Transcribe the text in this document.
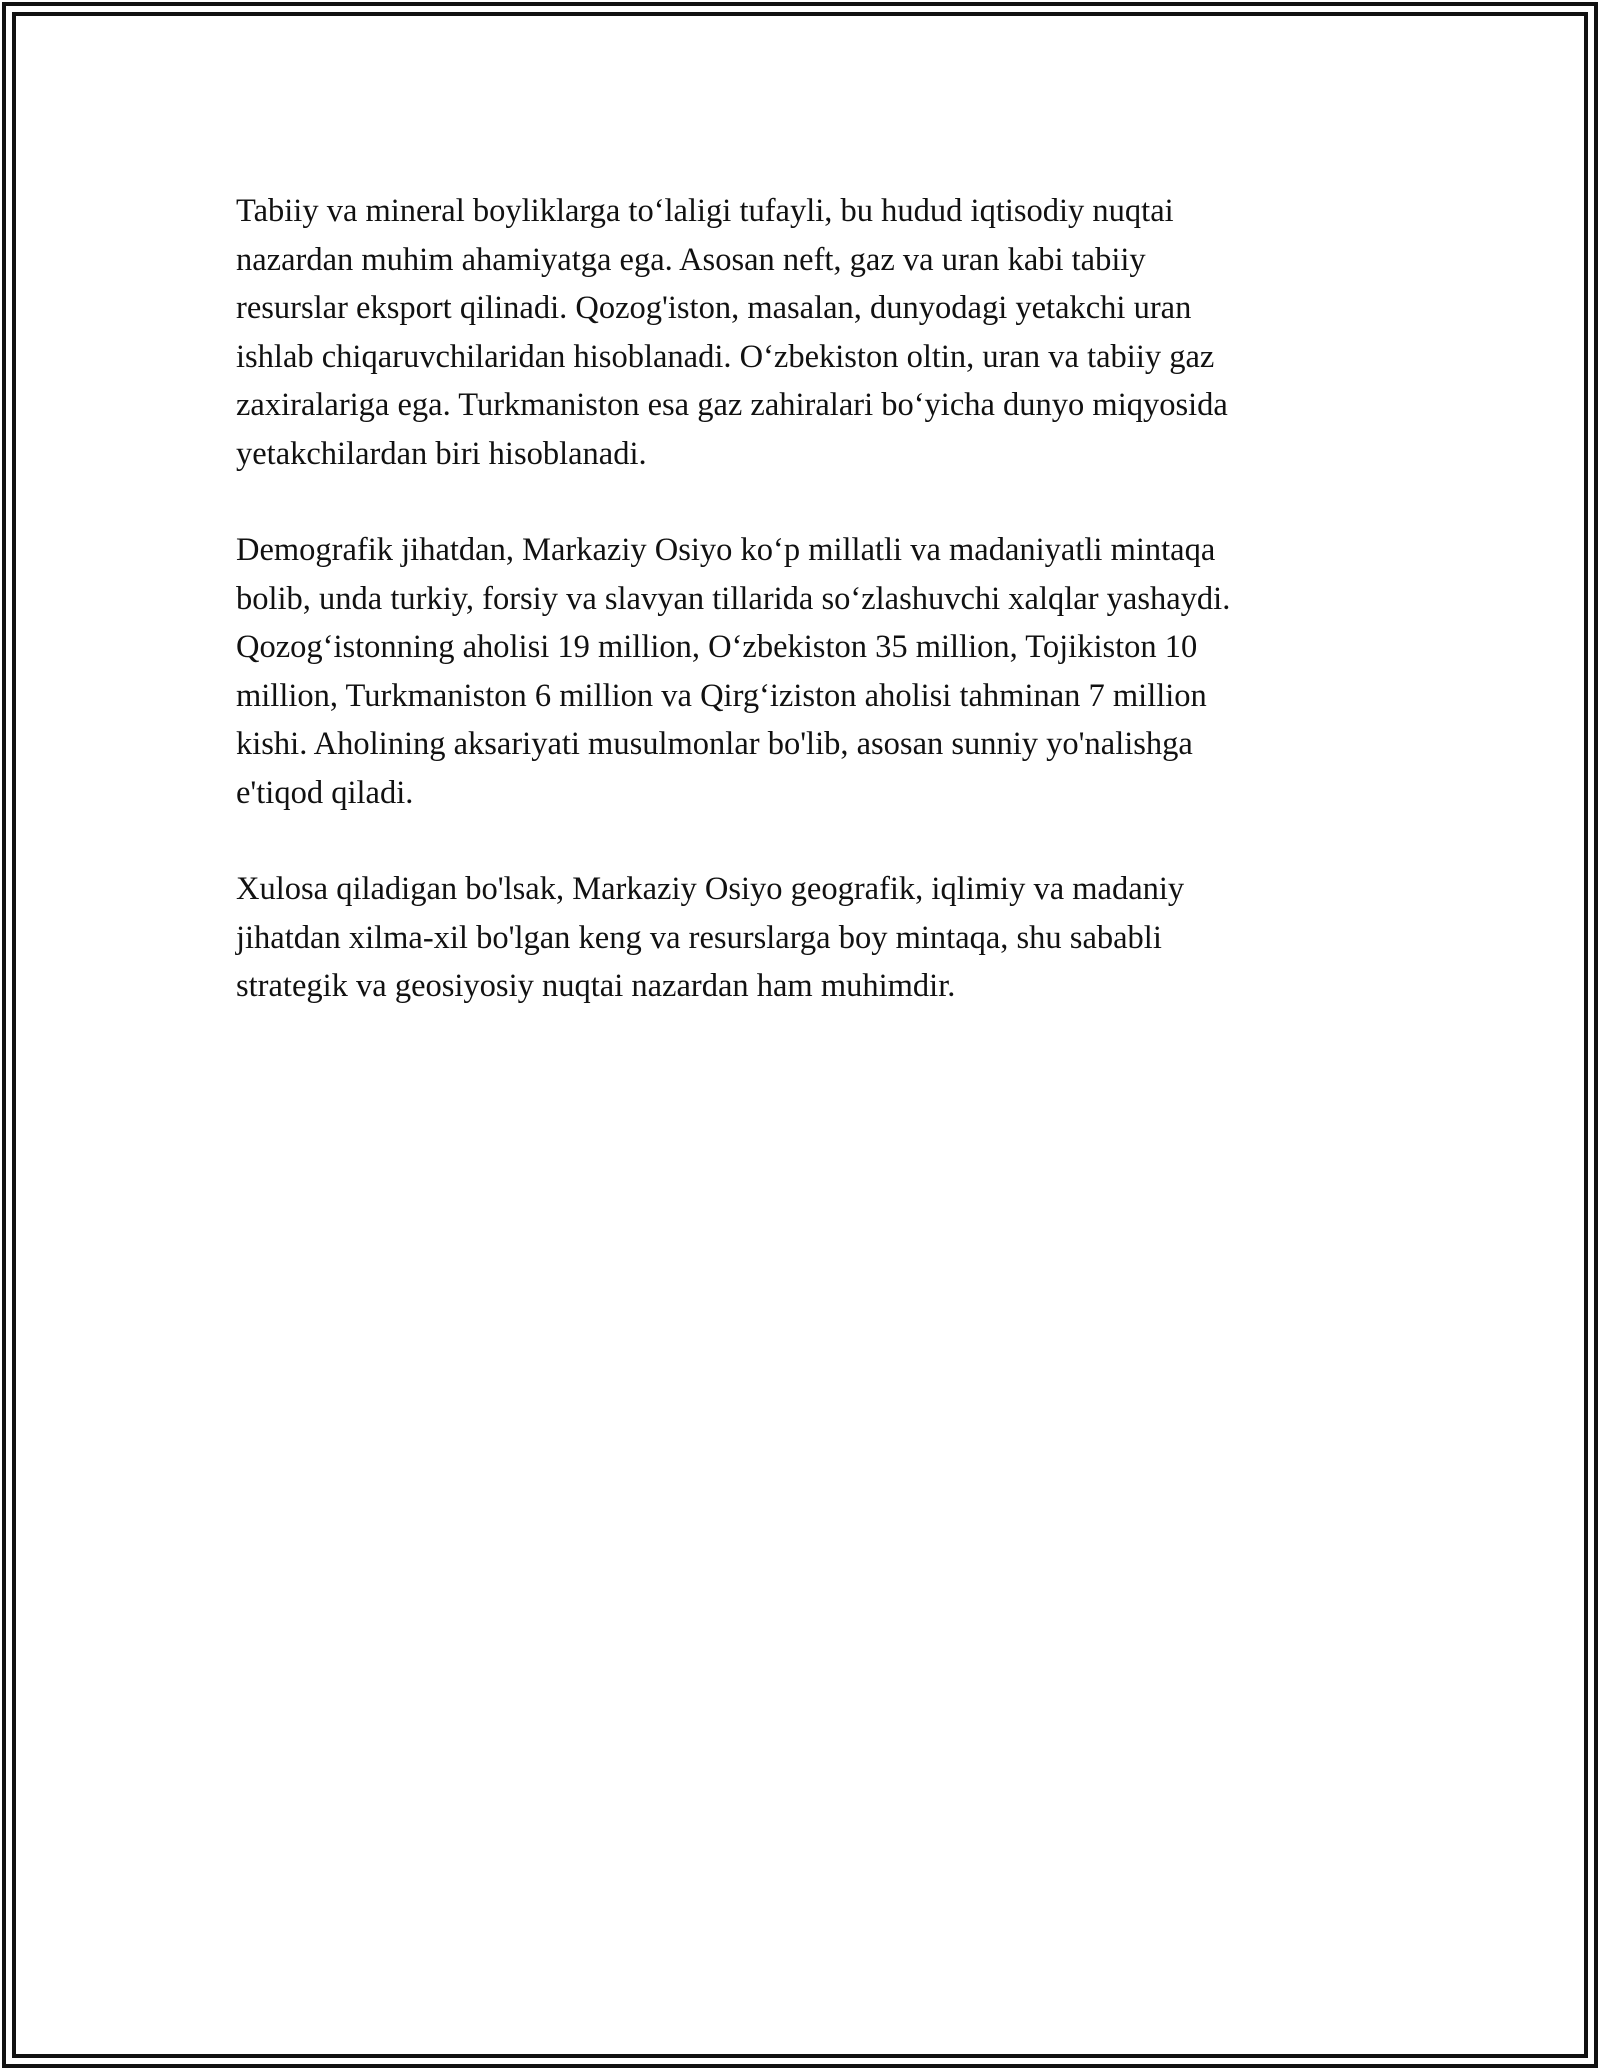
Tabiiy va mineral boyliklarga to‘laligi tufayli, bu hudud iqtisodiy nuqtai
nazardan muhim ahamiyatga ega. Asosan neft, gaz va uran kabi tabiiy
resurslar eksport qilinadi. Qozog'iston, masalan, dunyodagi yetakchi uran
ishlab chiqaruvchilaridan hisoblanadi. O‘zbekiston oltin, uran va tabiiy gaz
zaxiralariga ega. Turkmaniston esa gaz zahiralari bo‘yicha dunyo miqyosida
yetakchilardan biri hisoblanadi.

Demografik jihatdan, Markaziy Osiyo ko‘p millatli va madaniyatli mintaqa
bolib, unda turkiy, forsiy va slavyan tillarida so‘zlashuvchi xalqlar yashaydi.
Qozog‘istonning aholisi 19 million, O‘zbekiston 35 million, Tojikiston 10
million, Turkmaniston 6 million va Qirg‘iziston aholisi tahminan 7 million
kishi. Aholining aksariyati musulmonlar bo'lib, asosan sunniy yo'nalishga
e'tiqod qiladi.

Xulosa qiladigan bo'lsak, Markaziy Osiyo geografik, iqlimiy va madaniy
jihatdan xilma-xil bo'lgan keng va resurslarga boy mintaqa, shu sababli
strategik va geosiyosiy nuqtai nazardan ham muhimdir.
